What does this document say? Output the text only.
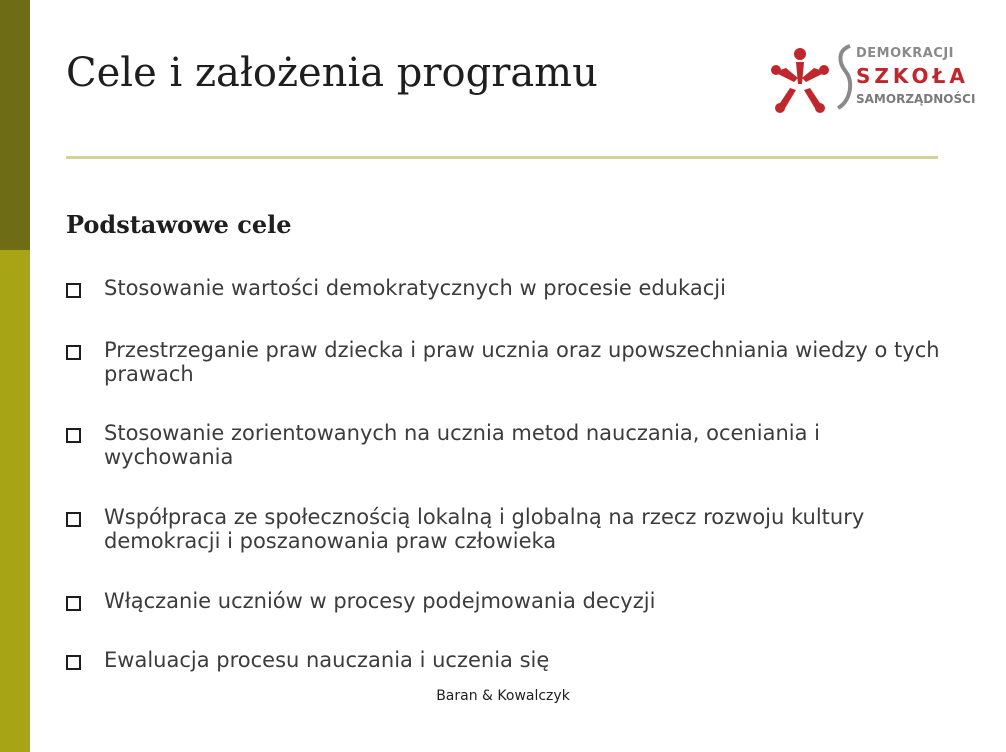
Cele i założenia programu	DEMOKRACJI
SZKOŁA
SAMORZĄDNOŚCI
Podstawowe cele
Stosowanie wartości demokratycznych w procesie edukacji
Przestrzeganie praw dziecka i praw ucznia oraz upowszechniania wiedzy o tych prawach
Stosowanie zorientowanych na ucznia metod nauczania, oceniania i wychowania
Współpraca ze społecznością lokalną i globalną na rzecz rozwoju kultury demokracji i poszanowania praw człowieka
Włączanie uczniów w procesy podejmowania decyzji
Ewaluacja procesu nauczania i uczenia się
Baran & Kowalczyk
